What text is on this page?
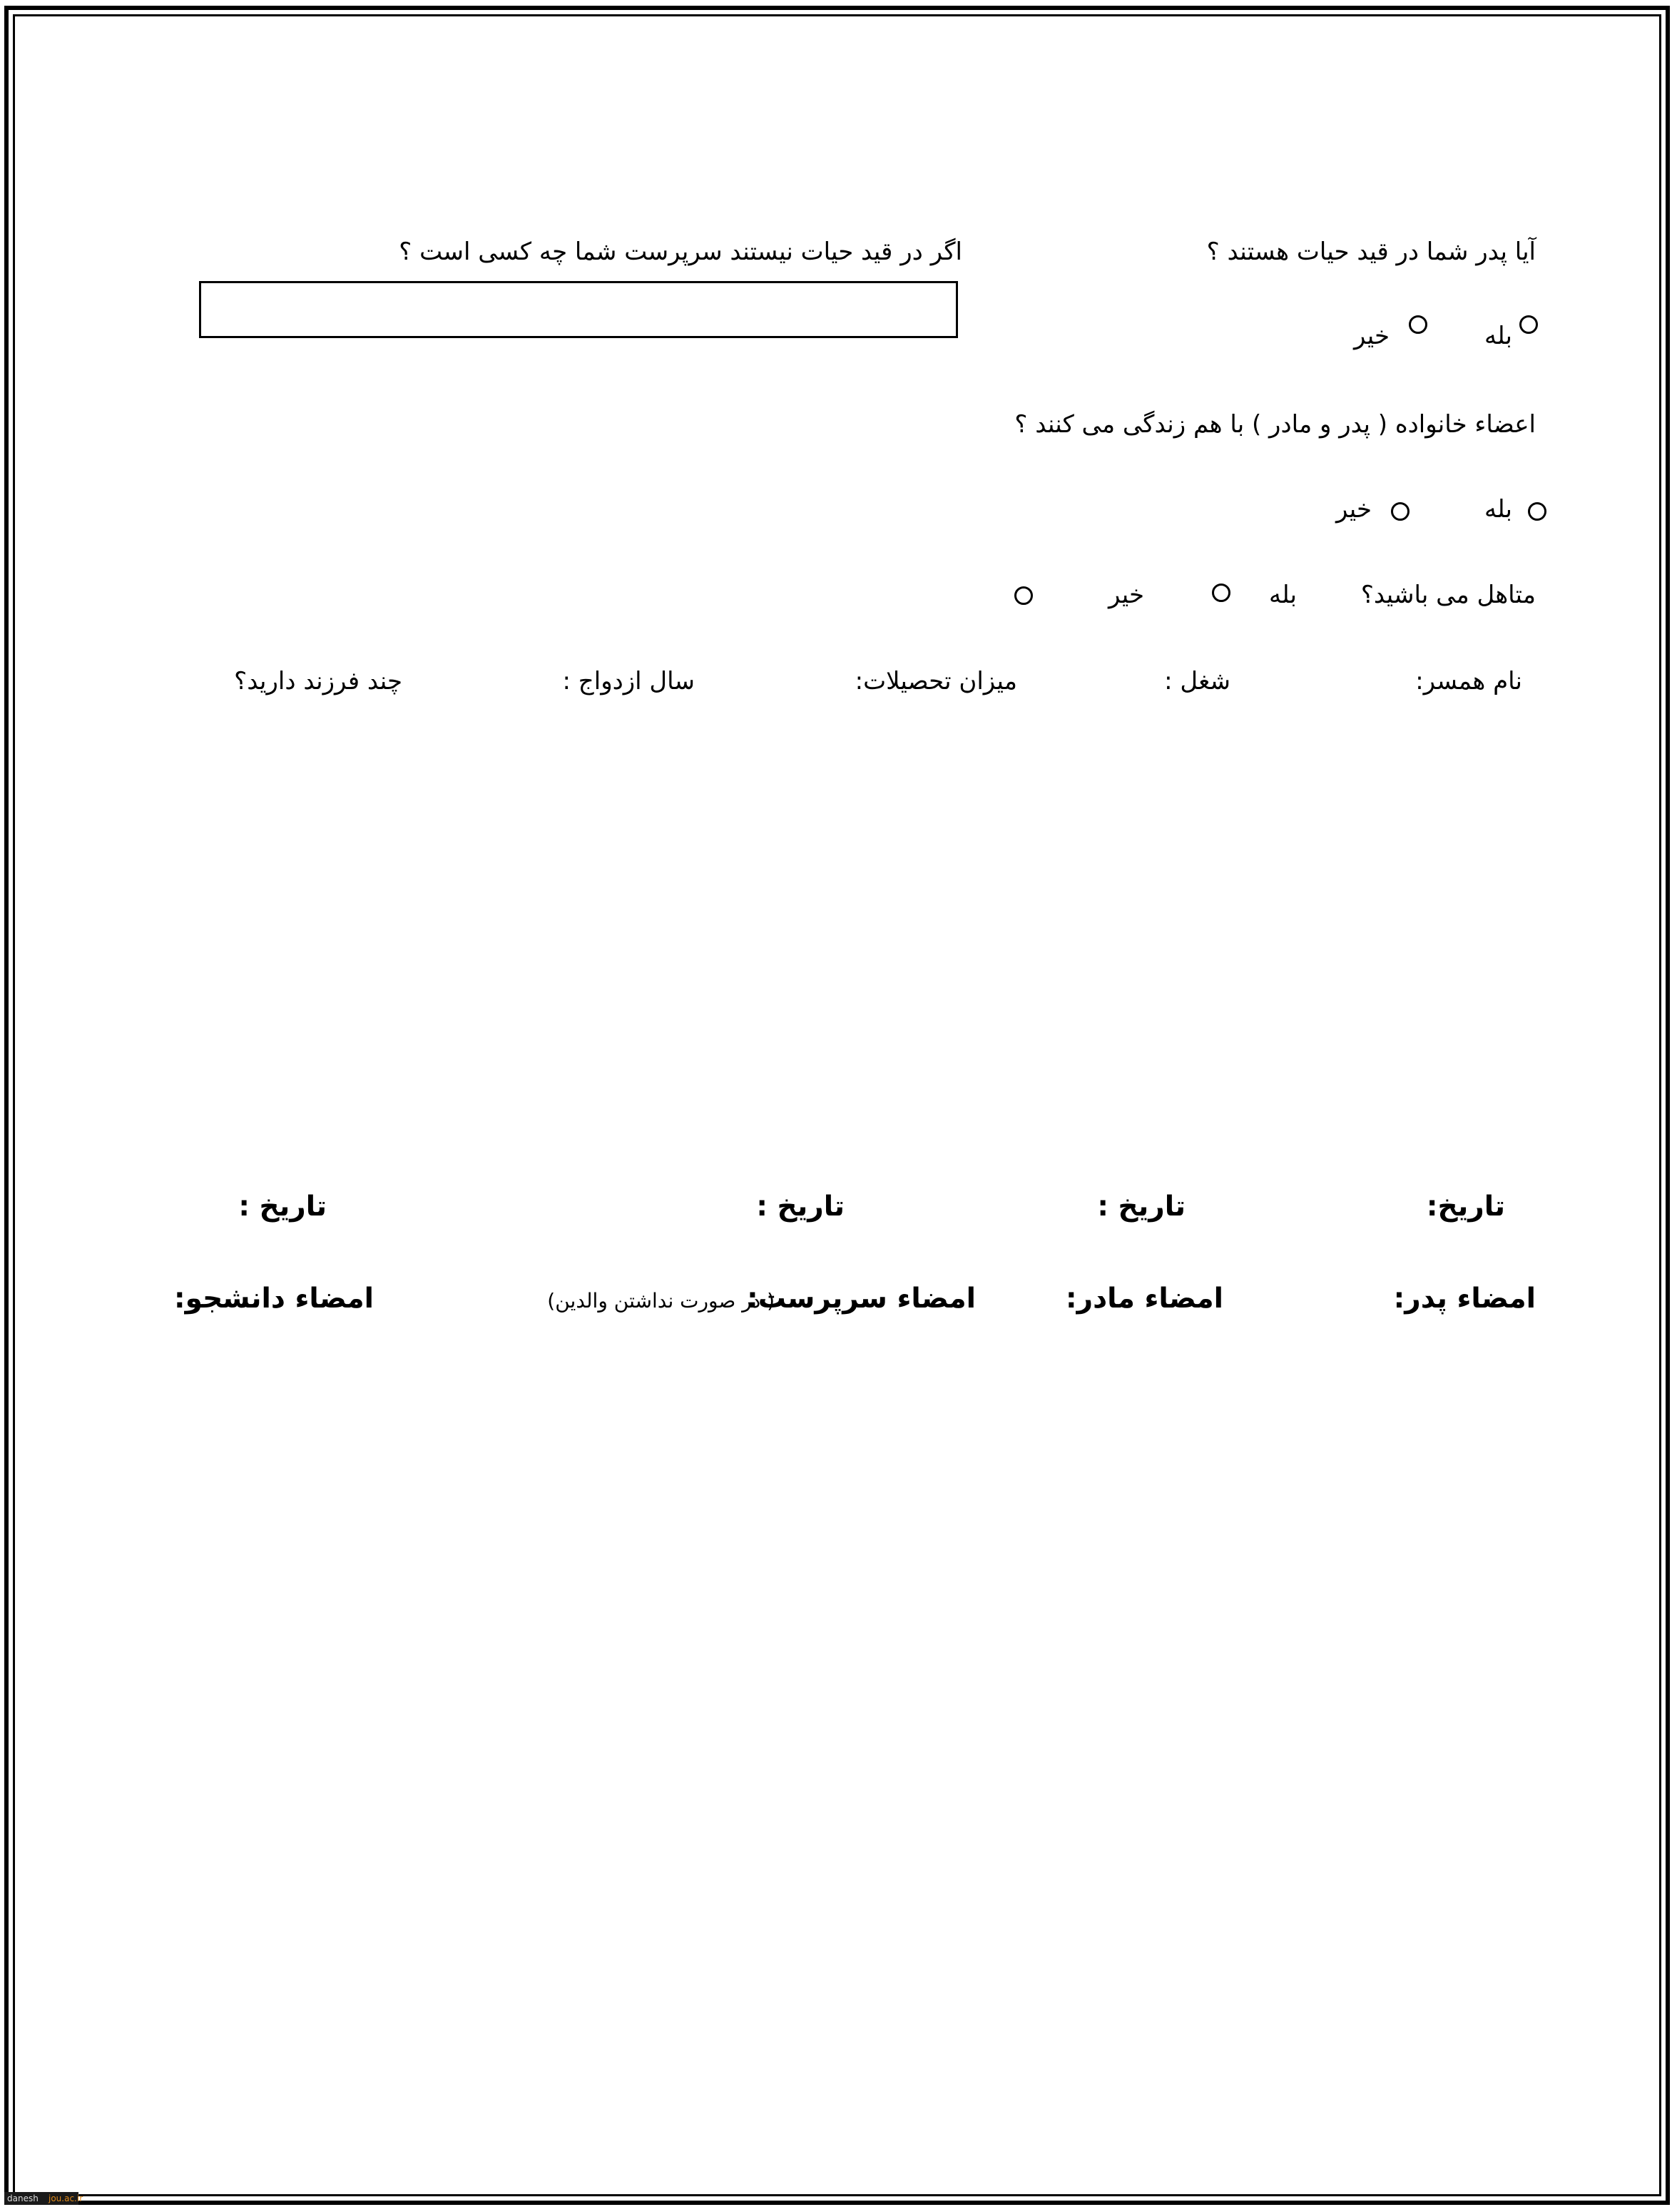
آیا پدر شما در قید حیات هستند ؟
اگر در قید حیات نیستند سرپرست شما چه کسی است ؟
بله
خیر
اعضاء خانواده ( پدر و مادر ) با هم زندگی می کنند ؟
بله
خیر
متاهل می باشید؟
بله
خیر
نام همسر:
شغل :
میزان تحصیلات:
سال ازدواج :
چند فرزند دارید؟
تاریخ:
تاریخ :
تاریخ :
تاریخ :
امضاء پدر:
امضاء مادر:
امضاء سرپرست:
( در صورت نداشتن والدین)
امضاء دانشجو:
danesh jou.ac.ir
